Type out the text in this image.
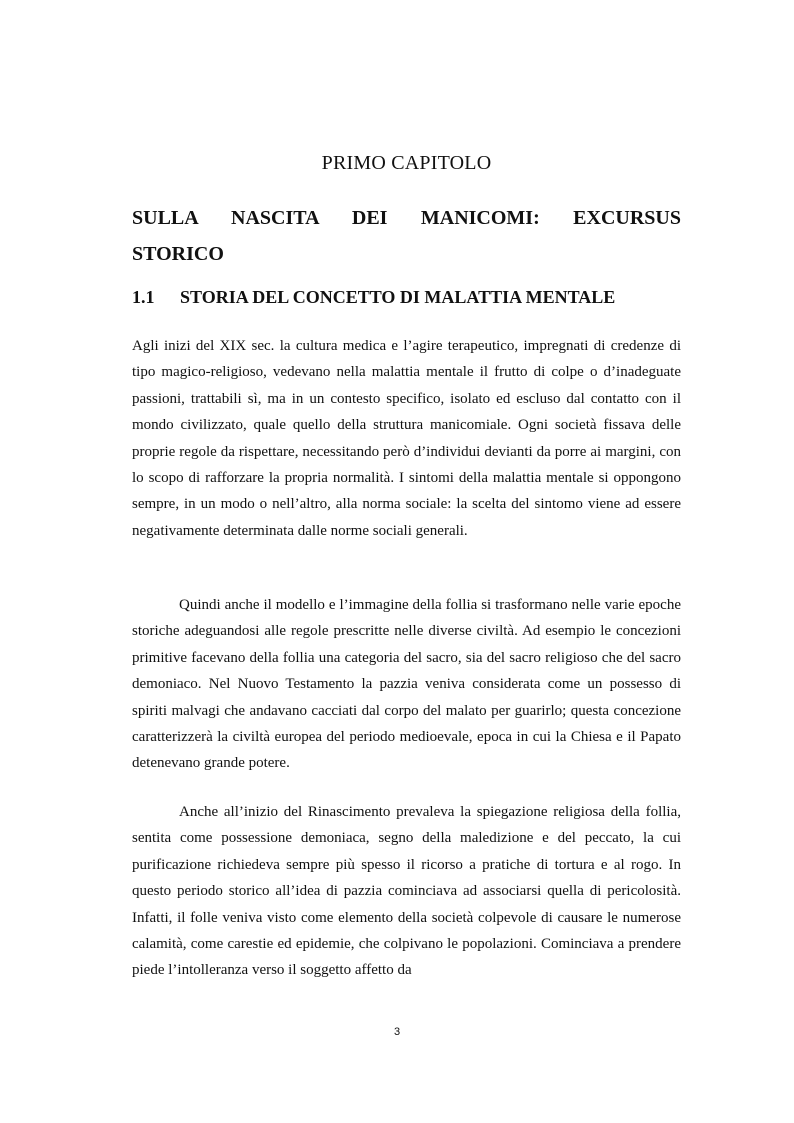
PRIMO CAPITOLO
SULLA NASCITA DEI MANICOMI: EXCURSUS
STORICO
1.1 STORIA DEL CONCETTO DI MALATTIA MENTALE

Agli inizi del XIX sec. la cultura medica e l’agire terapeutico, impregnati di credenze di tipo magico-religioso, vedevano nella malattia mentale il frutto di colpe o d’inadeguate passioni, trattabili sì, ma in un contesto specifico, isolato ed escluso dal contatto con il mondo civilizzato, quale quello della struttura manicomiale. Ogni società fissava delle proprie regole da rispettare, necessitando però d’individui devianti da porre ai margini, con lo scopo di rafforzare la propria normalità. I sintomi della malattia mentale si oppongono sempre, in un modo o nell’altro, alla norma sociale: la scelta del sintomo viene ad essere negativamente determinata dalle norme sociali generali.

Quindi anche il modello e l’immagine della follia si trasformano nelle varie epoche storiche adeguandosi alle regole prescritte nelle diverse civiltà. Ad esempio le concezioni primitive facevano della follia una categoria del sacro, sia del sacro religioso che del sacro demoniaco. Nel Nuovo Testamento la pazzia veniva considerata come un possesso di spiriti malvagi che andavano cacciati dal corpo del malato per guarirlo; questa concezione caratterizzerà la civiltà europea del periodo medioevale, epoca in cui la Chiesa e il Papato detenevano grande potere.

Anche all’inizio del Rinascimento prevaleva la spiegazione religiosa della follia, sentita come possessione demoniaca, segno della maledizione e del peccato, la cui purificazione richiedeva sempre più spesso il ricorso a pratiche di tortura e al rogo. In questo periodo storico all’idea di pazzia cominciava ad associarsi quella di pericolosità. Infatti, il folle veniva visto come elemento della società colpevole di causare le numerose calamità, come carestie ed epidemie, che colpivano le popolazioni. Cominciava a prendere piede l’intolleranza verso il soggetto affetto da

3
